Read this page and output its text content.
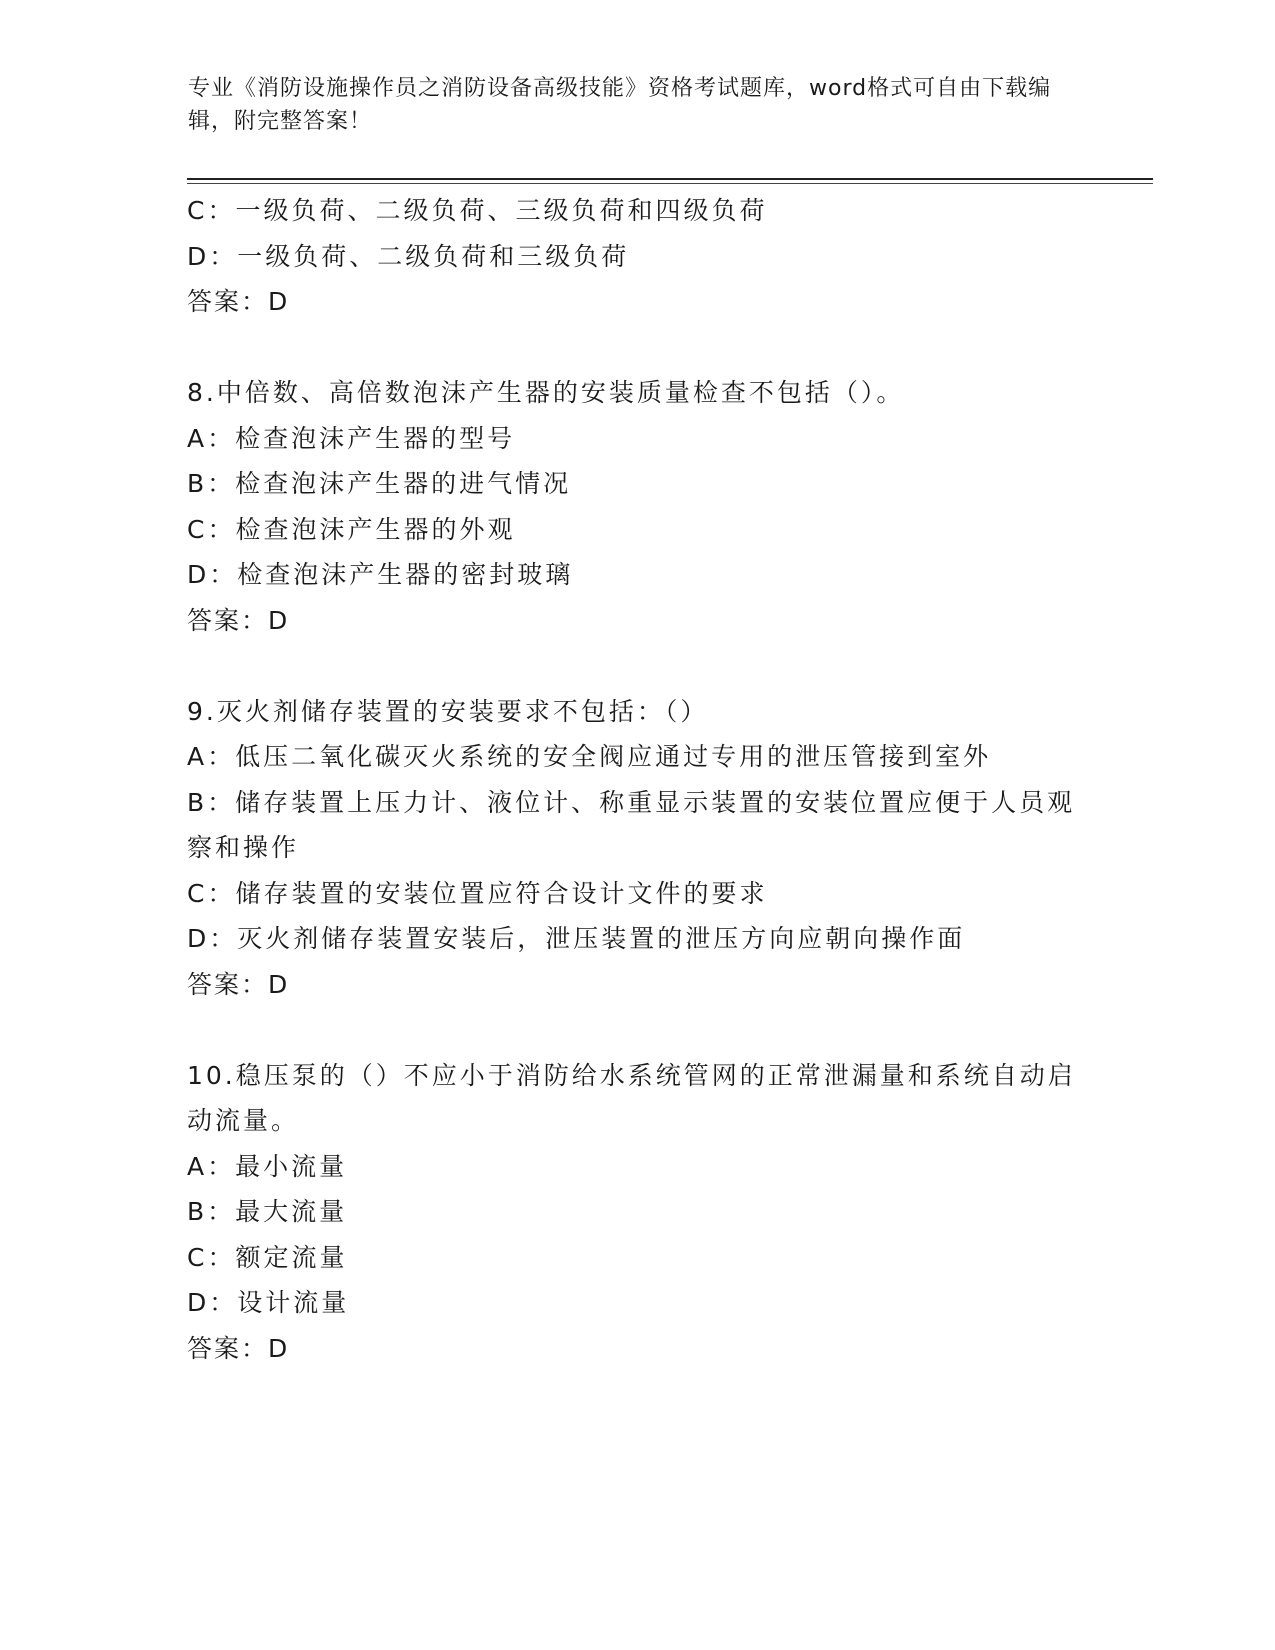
专业《消防设施操作员之消防设备高级技能》资格考试题库，word格式可自由下载编辑，附完整答案！
C：一级负荷、二级负荷、三级负荷和四级负荷
D：一级负荷、二级负荷和三级负荷
答案：D
8.中倍数、高倍数泡沫产生器的安装质量检查不包括（）。
A：检查泡沫产生器的型号
B：检查泡沫产生器的进气情况
C：检查泡沫产生器的外观
D：检查泡沫产生器的密封玻璃
答案：D
9.灭火剂储存装置的安装要求不包括：（）
A：低压二氧化碳灭火系统的安全阀应通过专用的泄压管接到室外
B：储存装置上压力计、液位计、称重显示装置的安装位置应便于人员观察和操作
C：储存装置的安装位置应符合设计文件的要求
D：灭火剂储存装置安装后，泄压装置的泄压方向应朝向操作面
答案：D
10.稳压泵的（）不应小于消防给水系统管网的正常泄漏量和系统自动启动流量。
A：最小流量
B：最大流量
C：额定流量
D：设计流量
答案：D
